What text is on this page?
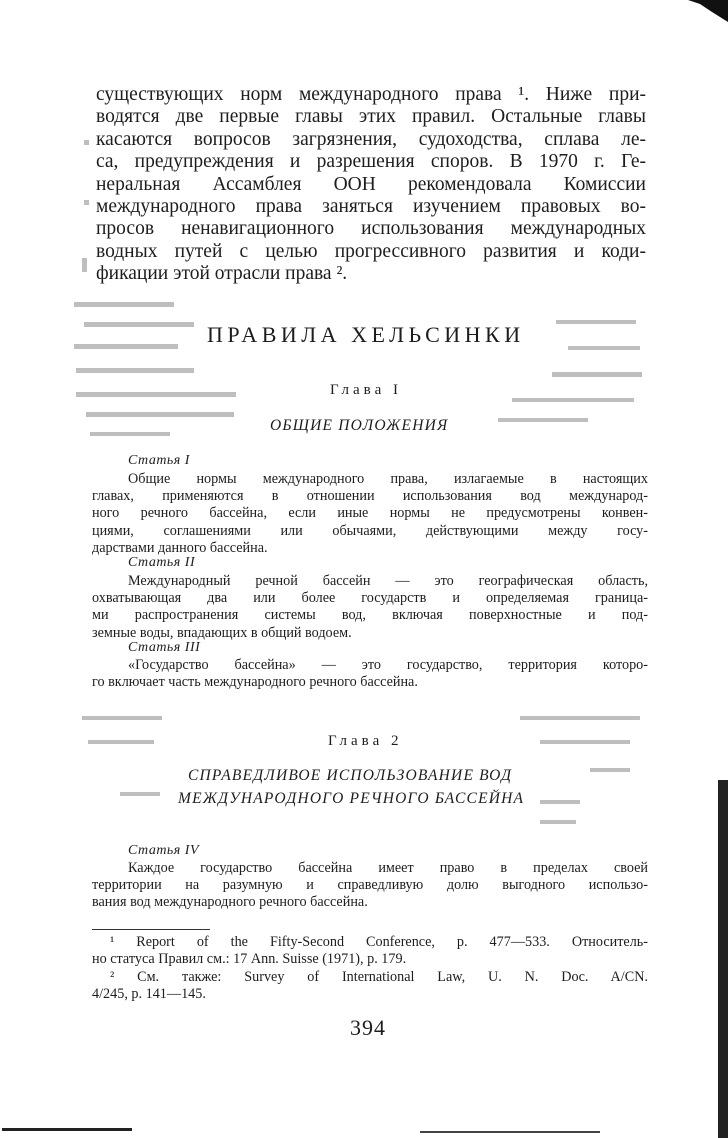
существующих норм международного права ¹. Ниже при-
водятся две первые главы этих правил. Остальные главы
касаются вопросов загрязнения, судоходства, сплава ле-
са, предупреждения и разрешения споров. В 1970 г. Ге-
неральная Ассамблея ООН рекомендовала Комиссии
международного права заняться изучением правовых во-
просов ненавигационного использования международных
водных путей с целью прогрессивного развития и коди-
фикации этой отрасли права ².
ПРАВИЛА ХЕЛЬСИНКИ
Глава I
ОБЩИЕ ПОЛОЖЕНИЯ
Статья I
Общие нормы международного права, излагаемые в настоящих
главах, применяются в отношении использования вод международ-
ного речного бассейна, если иные нормы не предусмотрены конвен-
циями, соглашениями или обычаями, действующими между госу-
дарствами данного бассейна.
Статья II
Международный речной бассейн — это географическая область,
охватывающая два или более государств и определяемая граница-
ми распространения системы вод, включая поверхностные и под-
земные воды, впадающих в общий водоем.
Статья III
«Государство бассейна» — это государство, территория которо-
го включает часть международного речного бассейна.
Глава 2
СПРАВЕДЛИВОЕ ИСПОЛЬЗОВАНИЕ ВОД
МЕЖДУНАРОДНОГО РЕЧНОГО БАССЕЙНА
Статья IV
Каждое государство бассейна имеет право в пределах своей
территории на разумную и справедливую долю выгодного использо-
вания вод международного речного бассейна.
¹ Report of the Fifty-Second Conference, p. 477—533. Относитель-
но статуса Правил см.: 17 Ann. Suisse (1971), p. 179.
² См. также: Survey of International Law, U. N. Doc. A/CN.
4/245, p. 141—145.
394
